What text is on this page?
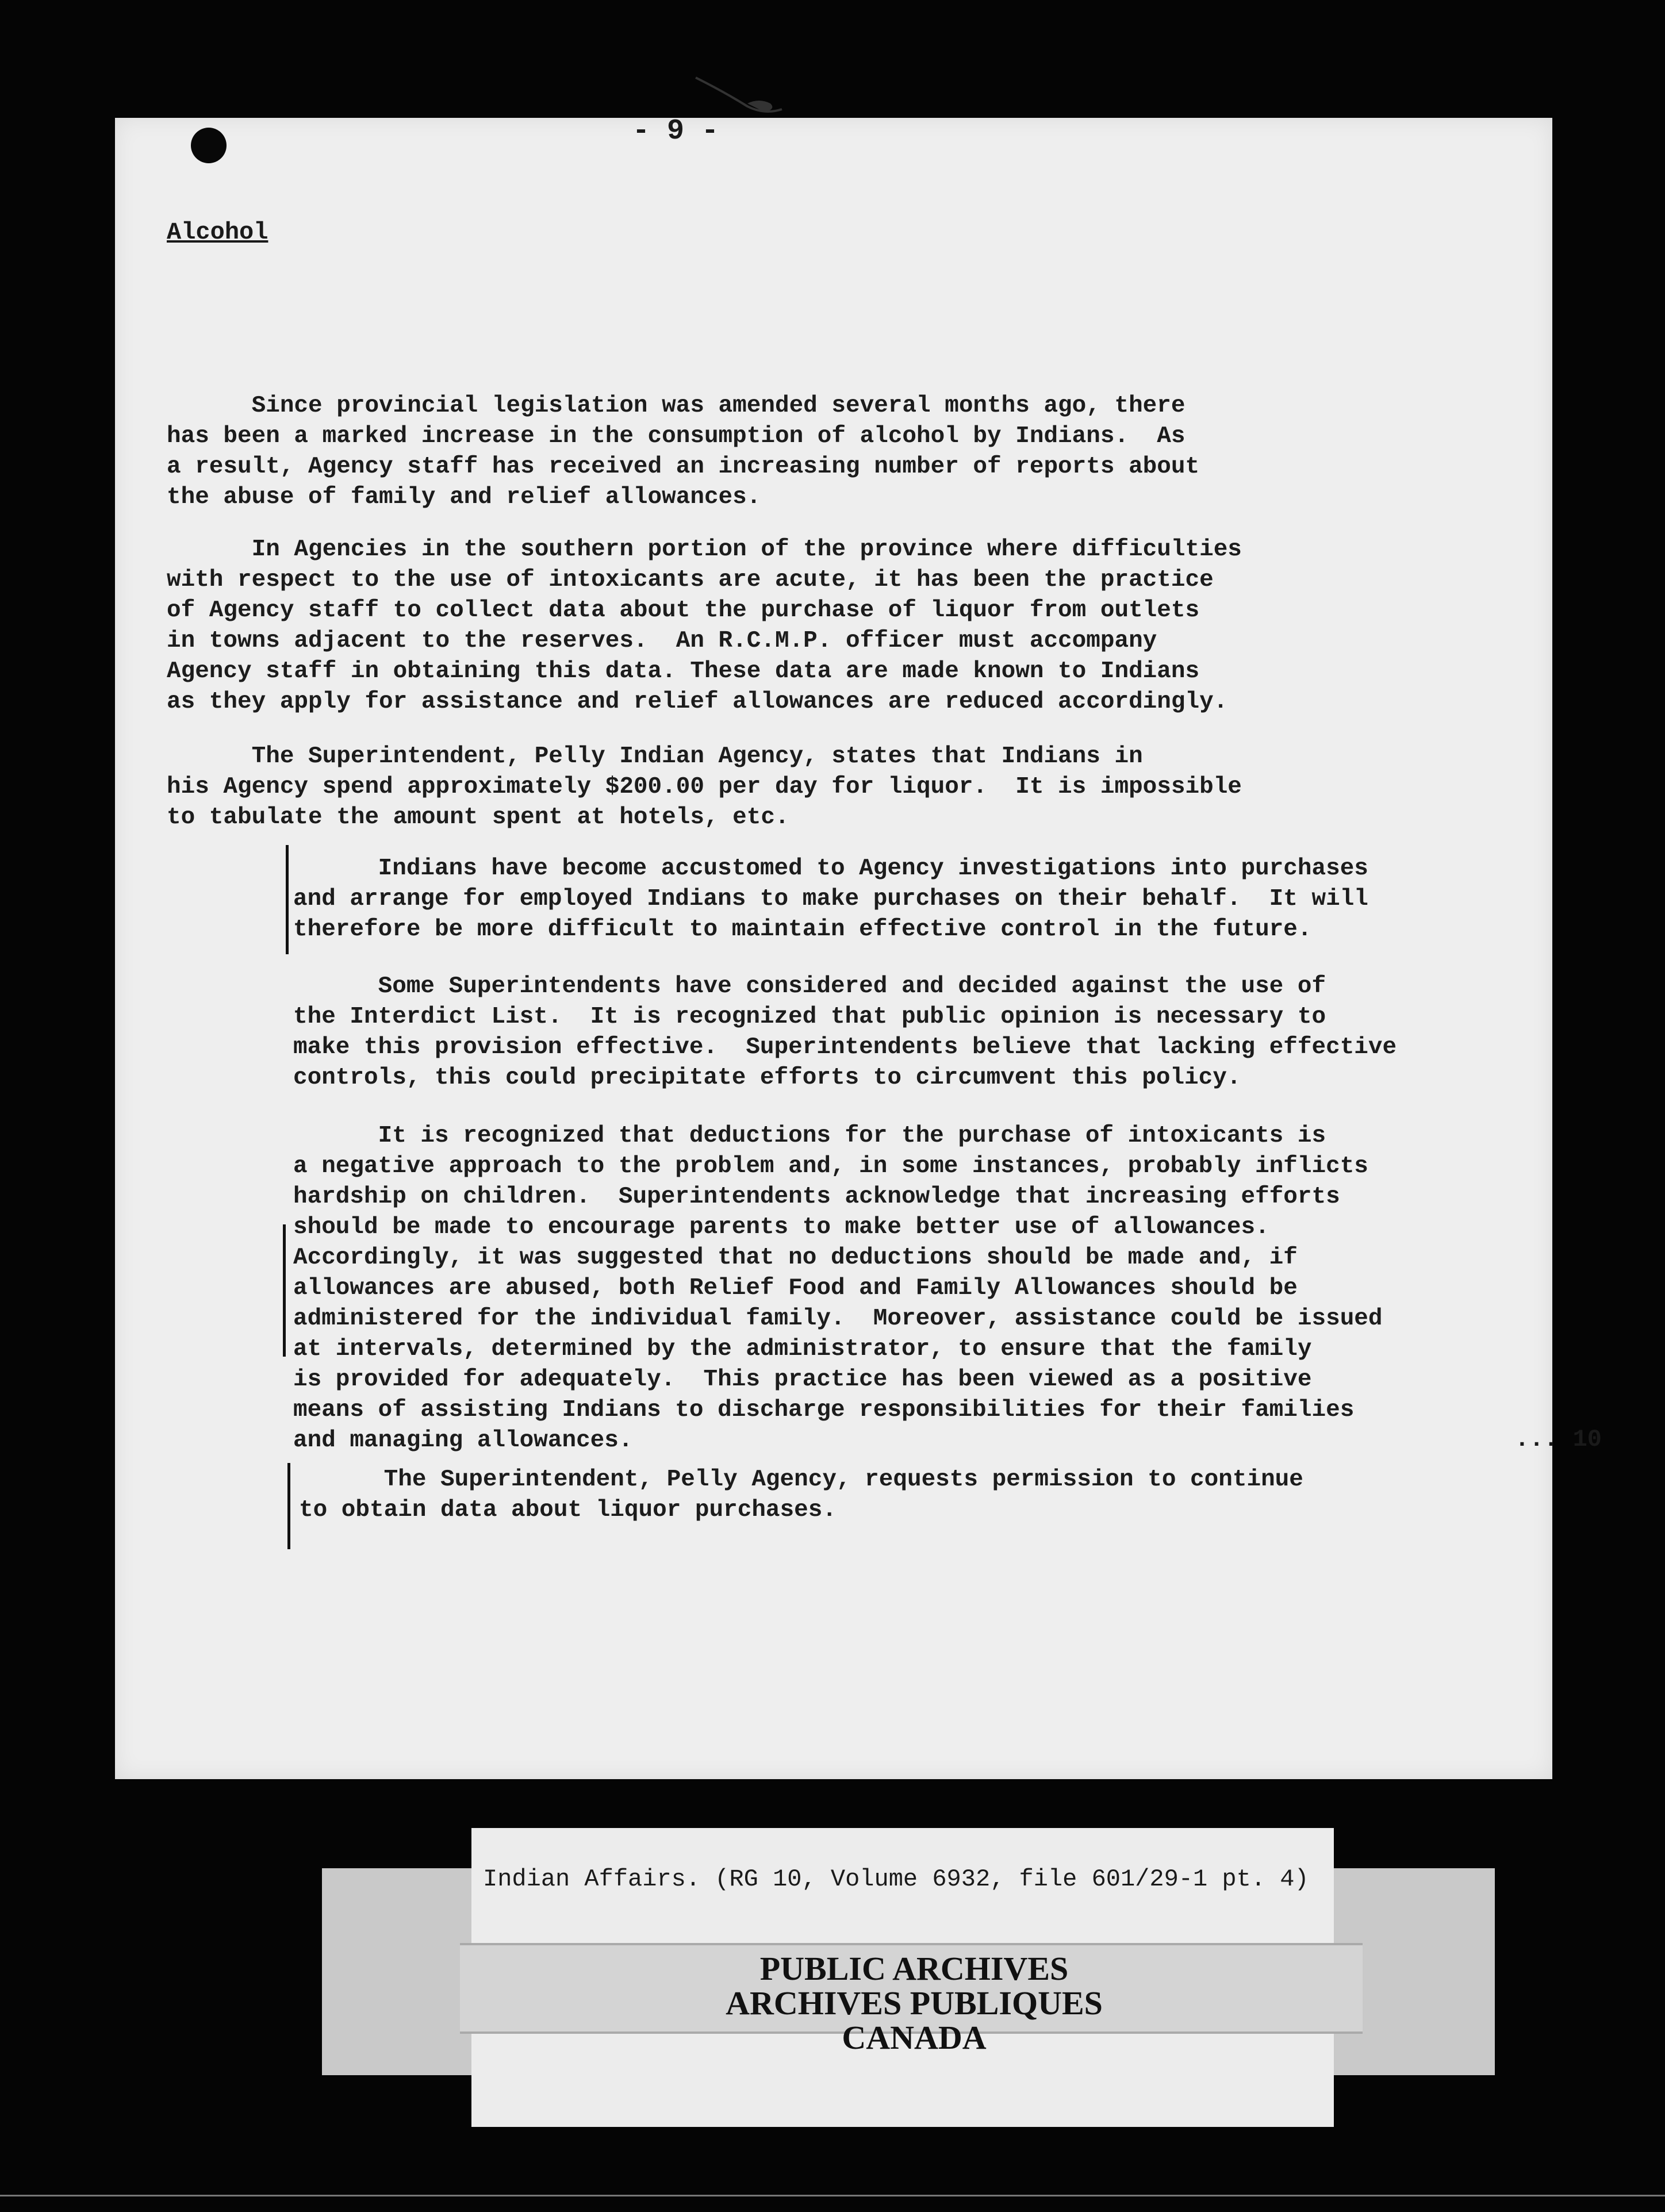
- 9 -
Alcohol
Since provincial legislation was amended several months ago, there
has been a marked increase in the consumption of alcohol by Indians.  As
a result, Agency staff has received an increasing number of reports about
the abuse of family and relief allowances.
In Agencies in the southern portion of the province where difficulties
with respect to the use of intoxicants are acute, it has been the practice
of Agency staff to collect data about the purchase of liquor from outlets
in towns adjacent to the reserves.  An R.C.M.P. officer must accompany
Agency staff in obtaining this data. These data are made known to Indians
as they apply for assistance and relief allowances are reduced accordingly.
The Superintendent, Pelly Indian Agency, states that Indians in
his Agency spend approximately $200.00 per day for liquor.  It is impossible
to tabulate the amount spent at hotels, etc.
Indians have become accustomed to Agency investigations into purchases
and arrange for employed Indians to make purchases on their behalf.  It will
therefore be more difficult to maintain effective control in the future.
Some Superintendents have considered and decided against the use of
the Interdict List.  It is recognized that public opinion is necessary to
make this provision effective.  Superintendents believe that lacking effective
controls, this could precipitate efforts to circumvent this policy.
It is recognized that deductions for the purchase of intoxicants is
a negative approach to the problem and, in some instances, probably inflicts
hardship on children.  Superintendents acknowledge that increasing efforts
should be made to encourage parents to make better use of allowances.
Accordingly, it was suggested that no deductions should be made and, if
allowances are abused, both Relief Food and Family Allowances should be
administered for the individual family.  Moreover, assistance could be issued
at intervals, determined by the administrator, to ensure that the family
is provided for adequately.  This practice has been viewed as a positive
means of assisting Indians to discharge responsibilities for their families
and managing allowances.
The Superintendent, Pelly Agency, requests permission to continue
to obtain data about liquor purchases.
... 10
Indian Affairs. (RG 10, Volume 6932, file 601/29-1 pt. 4)
PUBLIC ARCHIVES
ARCHIVES PUBLIQUES
CANADA
